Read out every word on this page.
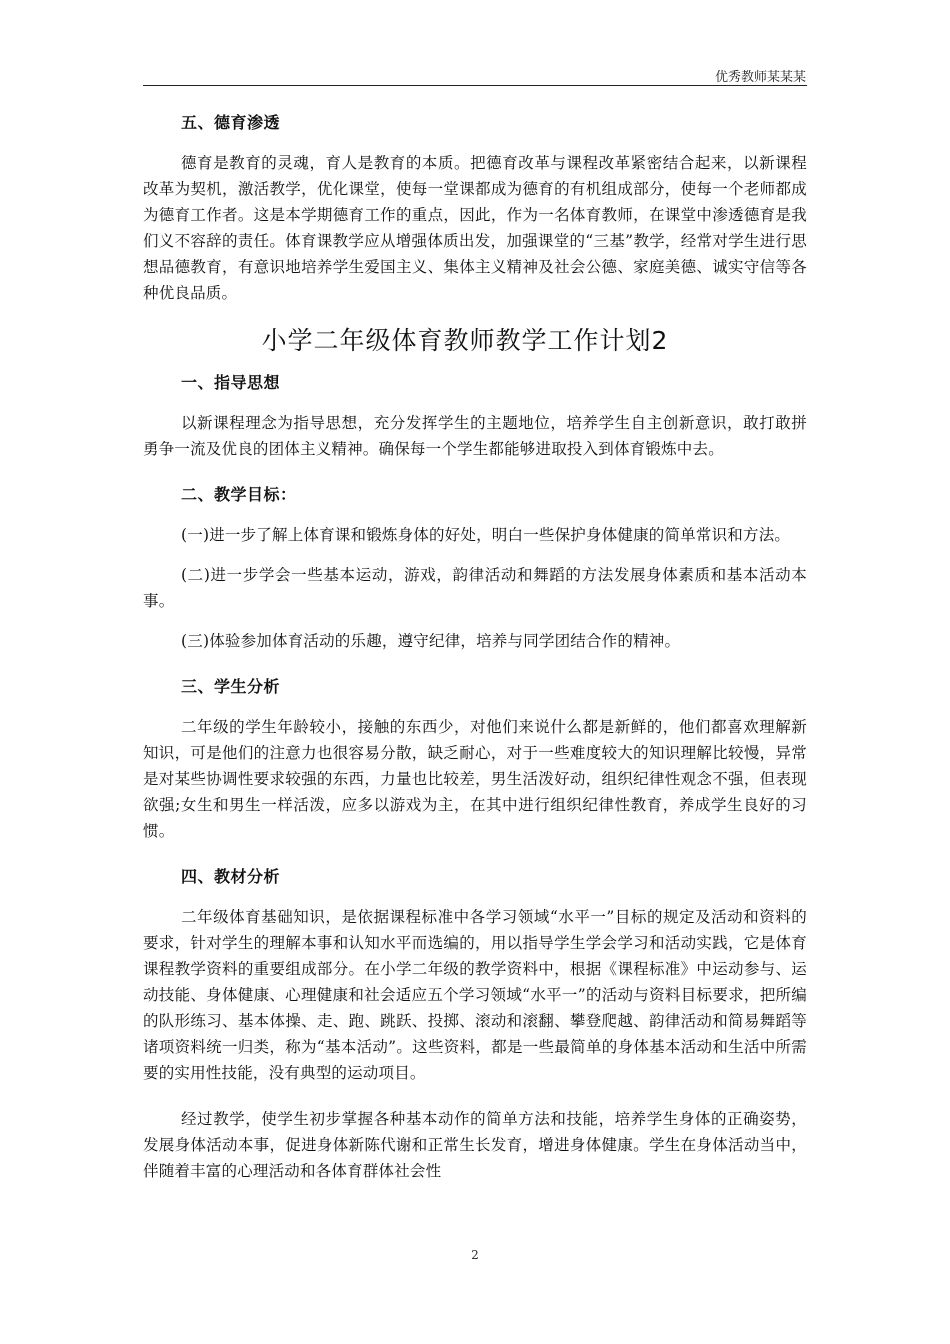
优秀教师某某某
五、德育渗透

德育是教育的灵魂，育人是教育的本质。把德育改革与课程改革紧密结合起来，以新课程改革为契机，激活教学，优化课堂，使每一堂课都成为德育的有机组成部分，使每一个老师都成为德育工作者。这是本学期德育工作的重点，因此，作为一名体育教师，在课堂中渗透德育是我们义不容辞的责任。体育课教学应从增强体质出发，加强课堂的“三基”教学，经常对学生进行思想品德教育，有意识地培养学生爱国主义、集体主义精神及社会公德、家庭美德、诚实守信等各种优良品质。

小学二年级体育教师教学工作计划2
一、指导思想

以新课程理念为指导思想，充分发挥学生的主题地位，培养学生自主创新意识，敢打敢拼勇争一流及优良的团体主义精神。确保每一个学生都能够进取投入到体育锻炼中去。

二、教学目标：

(一)进一步了解上体育课和锻炼身体的好处，明白一些保护身体健康的简单常识和方法。

(二)进一步学会一些基本运动，游戏，韵律活动和舞蹈的方法发展身体素质和基本活动本事。

(三)体验参加体育活动的乐趣，遵守纪律，培养与同学团结合作的精神。

三、学生分析

二年级的学生年龄较小，接触的东西少，对他们来说什么都是新鲜的，他们都喜欢理解新知识，可是他们的注意力也很容易分散，缺乏耐心，对于一些难度较大的知识理解比较慢，异常是对某些协调性要求较强的东西，力量也比较差，男生活泼好动，组织纪律性观念不强，但表现欲强;女生和男生一样活泼，应多以游戏为主，在其中进行组织纪律性教育，养成学生良好的习惯。

四、教材分析

二年级体育基础知识，是依据课程标准中各学习领域“水平一”目标的规定及活动和资料的要求，针对学生的理解本事和认知水平而选编的，用以指导学生学会学习和活动实践，它是体育课程教学资料的重要组成部分。在小学二年级的教学资料中，根据《课程标准》中运动参与、运动技能、身体健康、心理健康和社会适应五个学习领域“水平一”的活动与资料目标要求，把所编的队形练习、基本体操、走、跑、跳跃、投掷、滚动和滚翻、攀登爬越、韵律活动和简易舞蹈等诸项资料统一归类，称为“基本活动”。这些资料，都是一些最简单的身体基本活动和生活中所需要的实用性技能，没有典型的运动项目。

经过教学，使学生初步掌握各种基本动作的简单方法和技能，培养学生身体的正确姿势，发展身体活动本事，促进身体新陈代谢和正常生长发育，增进身体健康。学生在身体活动当中，伴随着丰富的心理活动和各体育群体社会性

2
